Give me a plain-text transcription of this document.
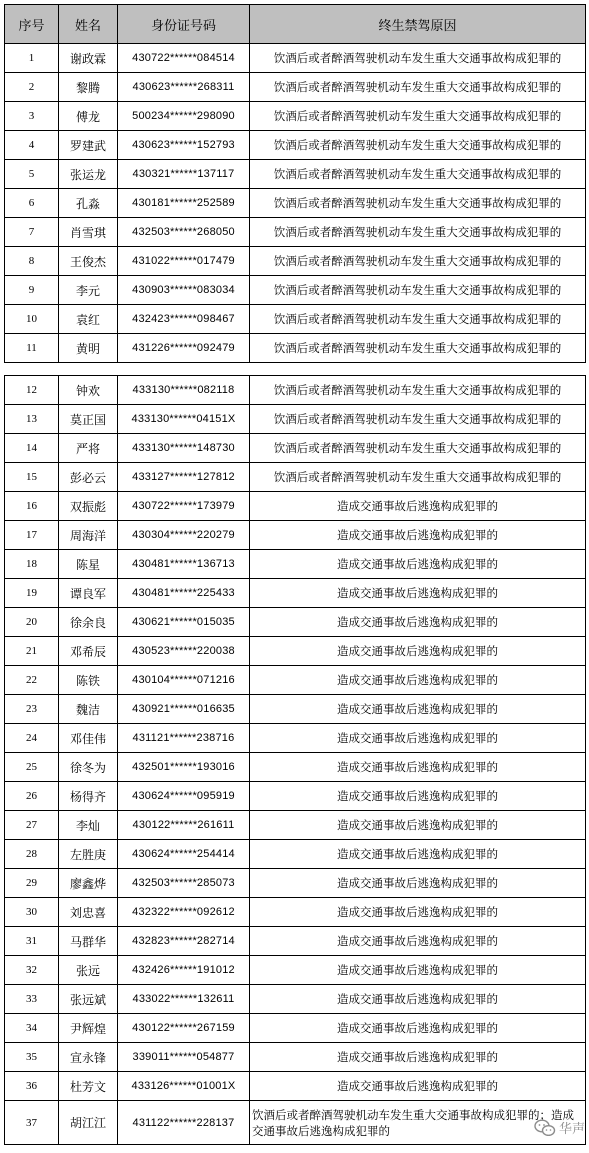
序号	姓名	身份证号码	终生禁驾原因
1	谢政霖	430722******084514	饮酒后或者醉酒驾驶机动车发生重大交通事故构成犯罪的
2	黎腾	430623******268311	饮酒后或者醉酒驾驶机动车发生重大交通事故构成犯罪的
3	傅龙	500234******298090	饮酒后或者醉酒驾驶机动车发生重大交通事故构成犯罪的
4	罗建武	430623******152793	饮酒后或者醉酒驾驶机动车发生重大交通事故构成犯罪的
5	张运龙	430321******137117	饮酒后或者醉酒驾驶机动车发生重大交通事故构成犯罪的
6	孔淼	430181******252589	饮酒后或者醉酒驾驶机动车发生重大交通事故构成犯罪的
7	肖雪琪	432503******268050	饮酒后或者醉酒驾驶机动车发生重大交通事故构成犯罪的
8	王俊杰	431022******017479	饮酒后或者醉酒驾驶机动车发生重大交通事故构成犯罪的
9	李元	430903******083034	饮酒后或者醉酒驾驶机动车发生重大交通事故构成犯罪的
10	袁红	432423******098467	饮酒后或者醉酒驾驶机动车发生重大交通事故构成犯罪的
11	黄明	431226******092479	饮酒后或者醉酒驾驶机动车发生重大交通事故构成犯罪的
12	钟欢	433130******082118	饮酒后或者醉酒驾驶机动车发生重大交通事故构成犯罪的
13	莫正国	433130******04151X	饮酒后或者醉酒驾驶机动车发生重大交通事故构成犯罪的
14	严将	433130******148730	饮酒后或者醉酒驾驶机动车发生重大交通事故构成犯罪的
15	彭必云	433127******127812	饮酒后或者醉酒驾驶机动车发生重大交通事故构成犯罪的
16	双振彪	430722******173979	造成交通事故后逃逸构成犯罪的
17	周海洋	430304******220279	造成交通事故后逃逸构成犯罪的
18	陈星	430481******136713	造成交通事故后逃逸构成犯罪的
19	谭良军	430481******225433	造成交通事故后逃逸构成犯罪的
20	徐余良	430621******015035	造成交通事故后逃逸构成犯罪的
21	邓希辰	430523******220038	造成交通事故后逃逸构成犯罪的
22	陈铁	430104******071216	造成交通事故后逃逸构成犯罪的
23	魏洁	430921******016635	造成交通事故后逃逸构成犯罪的
24	邓佳伟	431121******238716	造成交通事故后逃逸构成犯罪的
25	徐冬为	432501******193016	造成交通事故后逃逸构成犯罪的
26	杨得齐	430624******095919	造成交通事故后逃逸构成犯罪的
27	李灿	430122******261611	造成交通事故后逃逸构成犯罪的
28	左胜庚	430624******254414	造成交通事故后逃逸构成犯罪的
29	廖鑫烨	432503******285073	造成交通事故后逃逸构成犯罪的
30	刘忠喜	432322******092612	造成交通事故后逃逸构成犯罪的
31	马群华	432823******282714	造成交通事故后逃逸构成犯罪的
32	张远	432426******191012	造成交通事故后逃逸构成犯罪的
33	张远斌	433022******132611	造成交通事故后逃逸构成犯罪的
34	尹辉煌	430122******267159	造成交通事故后逃逸构成犯罪的
35	宣永锋	339011******054877	造成交通事故后逃逸构成犯罪的
36	杜芳文	433126******01001X	造成交通事故后逃逸构成犯罪的
37	胡江江	431122******228137	饮酒后或者醉酒驾驶机动车发生重大交通事故构成犯罪的；造成交通事故后逃逸构成犯罪的	华声
